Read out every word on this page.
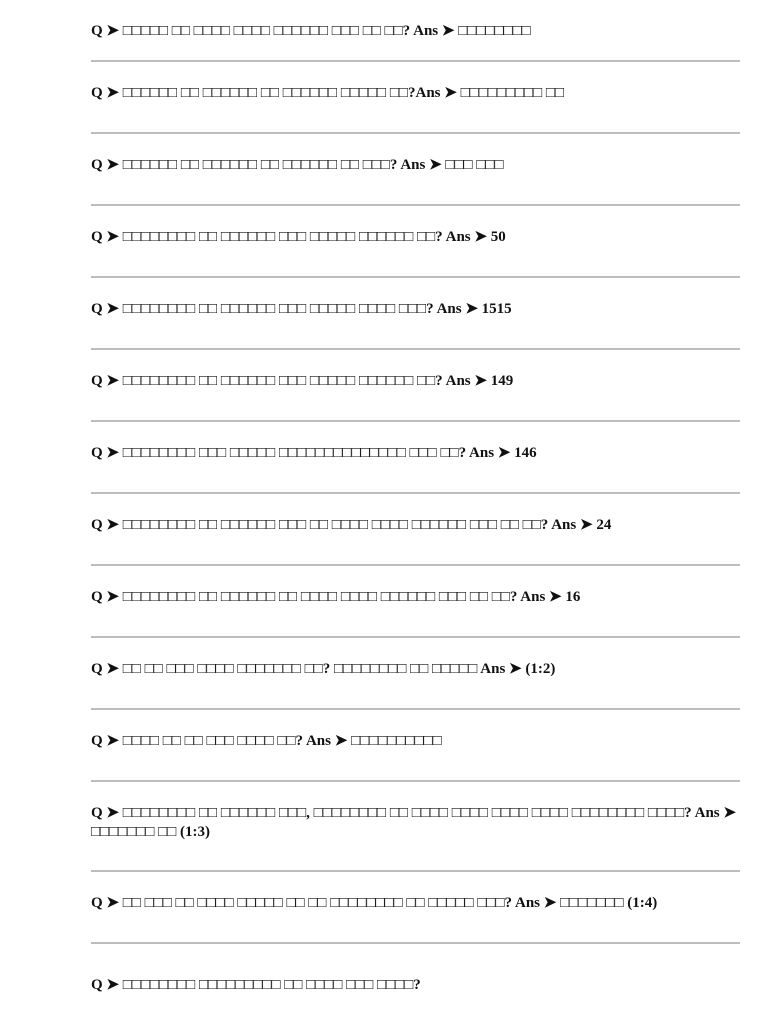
Q ➤ □□□□□ □□ □□□□ □□□□ □□□□□□ □□□ □□ □□? Ans ➤ □□□□□□□□
Q ➤ □□□□□□ □□ □□□□□□ □□ □□□□□□ □□□□□ □□?Ans ➤ □□□□□□□□□ □□
Q ➤ □□□□□□ □□ □□□□□□ □□ □□□□□□ □□ □□□? Ans ➤ □□□ □□□
Q ➤ □□□□□□□□ □□ □□□□□□ □□□ □□□□□ □□□□□□ □□? Ans ➤ 50
Q ➤ □□□□□□□□ □□ □□□□□□ □□□ □□□□□ □□□□ □□□? Ans ➤ 1515
Q ➤ □□□□□□□□ □□ □□□□□□ □□□ □□□□□ □□□□□□ □□? Ans ➤ 149
Q ➤ □□□□□□□□ □□□ □□□□□ □□□□□□□□□□□□□□ □□□ □□? Ans ➤ 146
Q ➤ □□□□□□□□ □□ □□□□□□ □□□ □□ □□□□ □□□□ □□□□□□ □□□ □□ □□? Ans ➤ 24
Q ➤ □□□□□□□□ □□ □□□□□□ □□ □□□□ □□□□ □□□□□□ □□□ □□ □□? Ans ➤ 16
Q ➤ □□ □□ □□□ □□□□ □□□□□□□ □□? □□□□□□□□ □□ □□□□□ Ans ➤ (1:2)
Q ➤ □□□□ □□ □□ □□□ □□□□ □□? Ans ➤ □□□□□□□□□□
Q ➤ □□□□□□□□ □□ □□□□□□ □□□, □□□□□□□□ □□ □□□□ □□□□ □□□□ □□□□ □□□□□□□□ □□□□? Ans ➤ □□□□□□□ □□ (1:3)
Q ➤ □□ □□□ □□ □□□□ □□□□□ □□ □□ □□□□□□□□ □□ □□□□□ □□□? Ans ➤ □□□□□□□ (1:4)
Q ➤ □□□□□□□□ □□□□□□□□□ □□ □□□□ □□□ □□□□?
